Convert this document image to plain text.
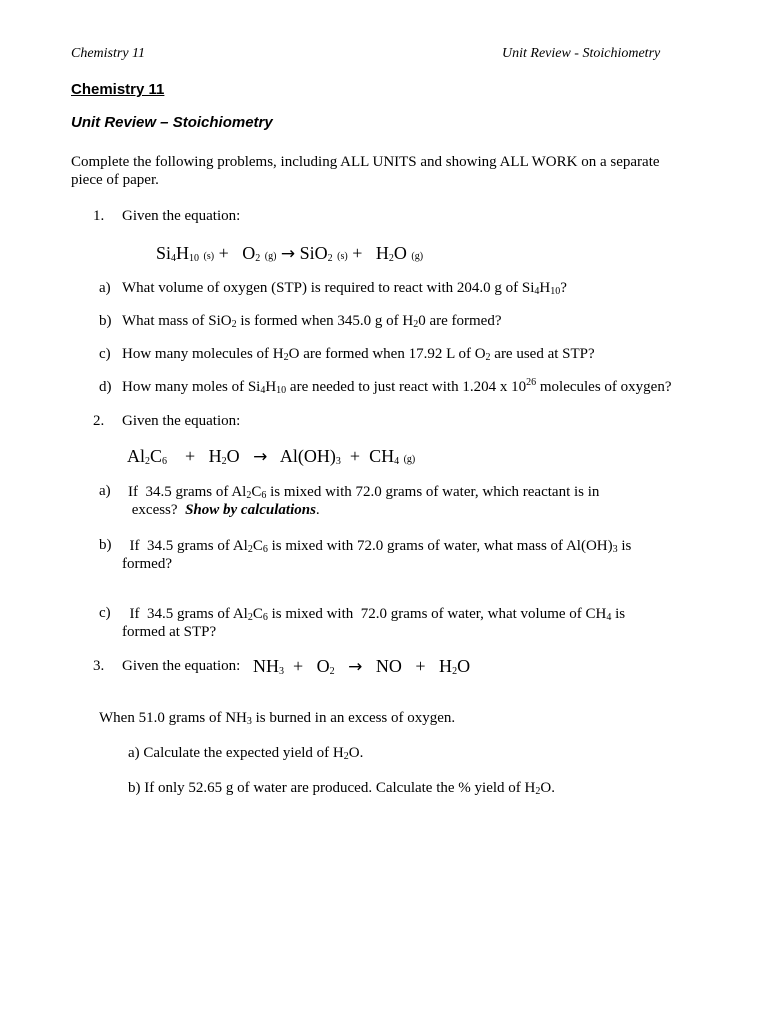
Chemistry 11	Unit Review - Stoichiometry
Chemistry 11
Unit Review – Stoichiometry
Complete the following problems, including ALL UNITS and showing ALL WORK on a separate piece of paper.
1. Given the equation:
$Si_4H_{10}$ $(s) + O_2$ (g) → SiO$_2$ $(s) + H_2O$ (g)
a) What volume of oxygen (STP) is required to react with 204.0 g of $Si_4H_{10}$?
b) What mass of SiO$_2$ is formed when 345.0 g of $H_20$ are formed?
c) How many molecules of $H_2O$ are formed when 17.92 L of $O_2$ are used at STP?
d) How many moles of $Si_4H_{10}$ are needed to just react with 1.204 x $10^{26}$ molecules of oxygen?
2. Given the equation:
$Al_2C_6$    +   $H_2O \to Al(OH)_3 + CH_4$ (g)
a) If  34.5 grams of $Al_2C_6$ is mixed with 72.0 grams of water, which reactant is in
excess?  Show by calculations.
b) If  34.5 grams of $Al_2C_6$ is mixed with 72.0 grams of water, what mass of $Al(OH)_3$ is
formed?
c) If  34.5 grams of $Al_2C_6$ is mixed with  72.0 grams of water, what volume of $CH_4$ is
formed at STP?
3. Given the equation: $NH_3 + O_2$ →   NO   +   $H_2O$
When 51.0 grams of $NH_3$ is burned in an excess of oxygen.
a) Calculate the expected yield of $H_2O$.
b) If only 52.65 g of water are produced. Calculate the % yield of $H_2O$.
